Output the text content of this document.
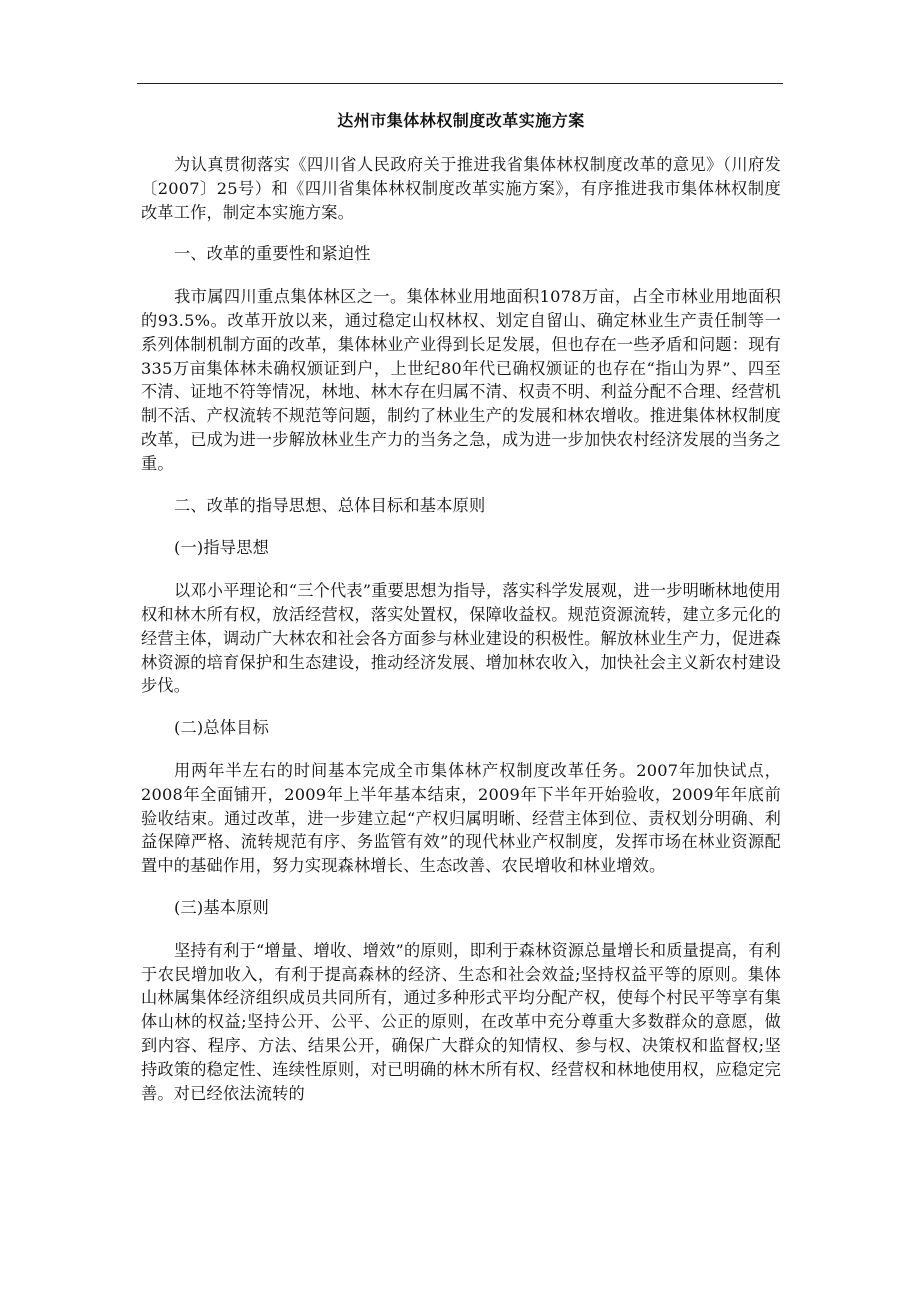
达州市集体林权制度改革实施方案

为认真贯彻落实《四川省人民政府关于推进我省集体林权制度改革的意见》（川府发〔2007〕25号）和《四川省集体林权制度改革实施方案》，有序推进我市集体林权制度改革工作，制定本实施方案。

一、改革的重要性和紧迫性

我市属四川重点集体林区之一。集体林业用地面积1078万亩，占全市林业用地面积的93.5%。改革开放以来，通过稳定山权林权、划定自留山、确定林业生产责任制等一系列体制机制方面的改革，集体林业产业得到长足发展，但也存在一些矛盾和问题：现有335万亩集体林未确权颁证到户，上世纪80年代已确权颁证的也存在“指山为界”、四至不清、证地不符等情况，林地、林木存在归属不清、权责不明、利益分配不合理、经营机制不活、产权流转不规范等问题，制约了林业生产的发展和林农增收。推进集体林权制度改革，已成为进一步解放林业生产力的当务之急，成为进一步加快农村经济发展的当务之重。

二、改革的指导思想、总体目标和基本原则

(一)指导思想

以邓小平理论和“三个代表”重要思想为指导，落实科学发展观，进一步明晰林地使用权和林木所有权，放活经营权，落实处置权，保障收益权。规范资源流转，建立多元化的经营主体，调动广大林农和社会各方面参与林业建设的积极性。解放林业生产力，促进森林资源的培育保护和生态建设，推动经济发展、增加林农收入，加快社会主义新农村建设步伐。

(二)总体目标

用两年半左右的时间基本完成全市集体林产权制度改革任务。2007年加快试点，2008年全面铺开，2009年上半年基本结束，2009年下半年开始验收，2009年年底前验收结束。通过改革，进一步建立起“产权归属明晰、经营主体到位、责权划分明确、利益保障严格、流转规范有序、务监管有效”的现代林业产权制度，发挥市场在林业资源配置中的基础作用，努力实现森林增长、生态改善、农民增收和林业增效。

(三)基本原则

坚持有利于“增量、增收、增效”的原则，即利于森林资源总量增长和质量提高，有利于农民增加收入，有利于提高森林的经济、生态和社会效益;坚持权益平等的原则。集体山林属集体经济组织成员共同所有，通过多种形式平均分配产权，使每个村民平等享有集体山林的权益;坚持公开、公平、公正的原则，在改革中充分尊重大多数群众的意愿，做到内容、程序、方法、结果公开，确保广大群众的知情权、参与权、决策权和监督权;坚持政策的稳定性、连续性原则，对已明确的林木所有权、经营权和林地使用权，应稳定完善。对已经依法流转的
